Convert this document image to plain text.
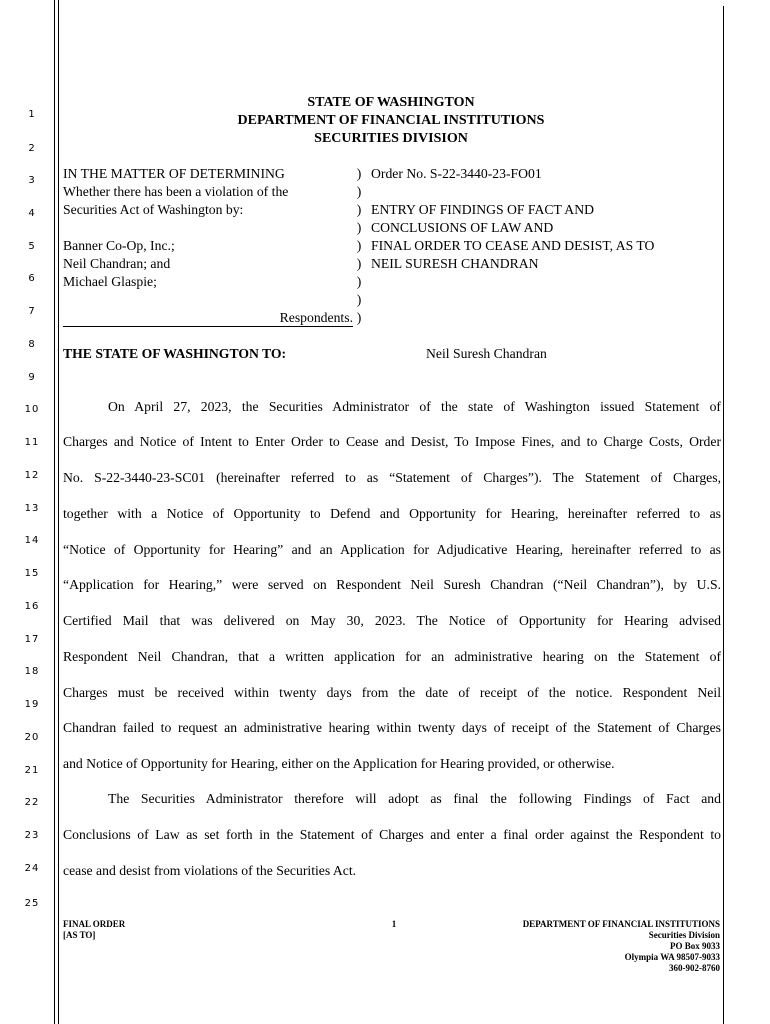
1
2
3
4
5
6
7
8
9
10
11
12
13
14
15
16
17
18
19
20
21
22
23
24
25
STATE OF WASHINGTON
DEPARTMENT OF FINANCIAL INSTITUTIONS
SECURITIES DIVISION
IN THE MATTER OF DETERMINING
Whether there has been a violation of the
Securities Act of Washington by:
Banner Co-Op, Inc.;
Neil Chandran; and
Michael Glaspie;
Respondents.
)
)
)
)
)
)
)
)
)
Order No. S-22-3440-23-FO01
ENTRY OF FINDINGS OF FACT AND
CONCLUSIONS OF LAW AND
FINAL ORDER TO CEASE AND DESIST, AS TO
NEIL SURESH CHANDRAN
THE STATE OF WASHINGTON TO:	Neil Suresh Chandran
On April 27, 2023, the Securities Administrator of the state of Washington issued Statement of
Charges and Notice of Intent to Enter Order to Cease and Desist, To Impose Fines, and to Charge Costs, Order
No. S-22-3440-23-SC01 (hereinafter referred to as “Statement of Charges”). The Statement of Charges,
together with a Notice of Opportunity to Defend and Opportunity for Hearing, hereinafter referred to as
“Notice of Opportunity for Hearing” and an Application for Adjudicative Hearing, hereinafter referred to as
“Application for Hearing,” were served on Respondent Neil Suresh Chandran (“Neil Chandran”), by U.S.
Certified Mail that was delivered on May 30, 2023. The Notice of Opportunity for Hearing advised
Respondent Neil Chandran, that a written application for an administrative hearing on the Statement of
Charges must be received within twenty days from the date of receipt of the notice. Respondent Neil
Chandran failed to request an administrative hearing within twenty days of receipt of the Statement of Charges
and Notice of Opportunity for Hearing, either on the Application for Hearing provided, or otherwise.
The Securities Administrator therefore will adopt as final the following Findings of Fact and
Conclusions of Law as set forth in the Statement of Charges and enter a final order against the Respondent to
cease and desist from violations of the Securities Act.
FINAL ORDER
[AS TO]
1	DEPARTMENT OF FINANCIAL INSTITUTIONS
Securities Division
PO Box 9033
Olympia WA 98507-9033
360-902-8760
